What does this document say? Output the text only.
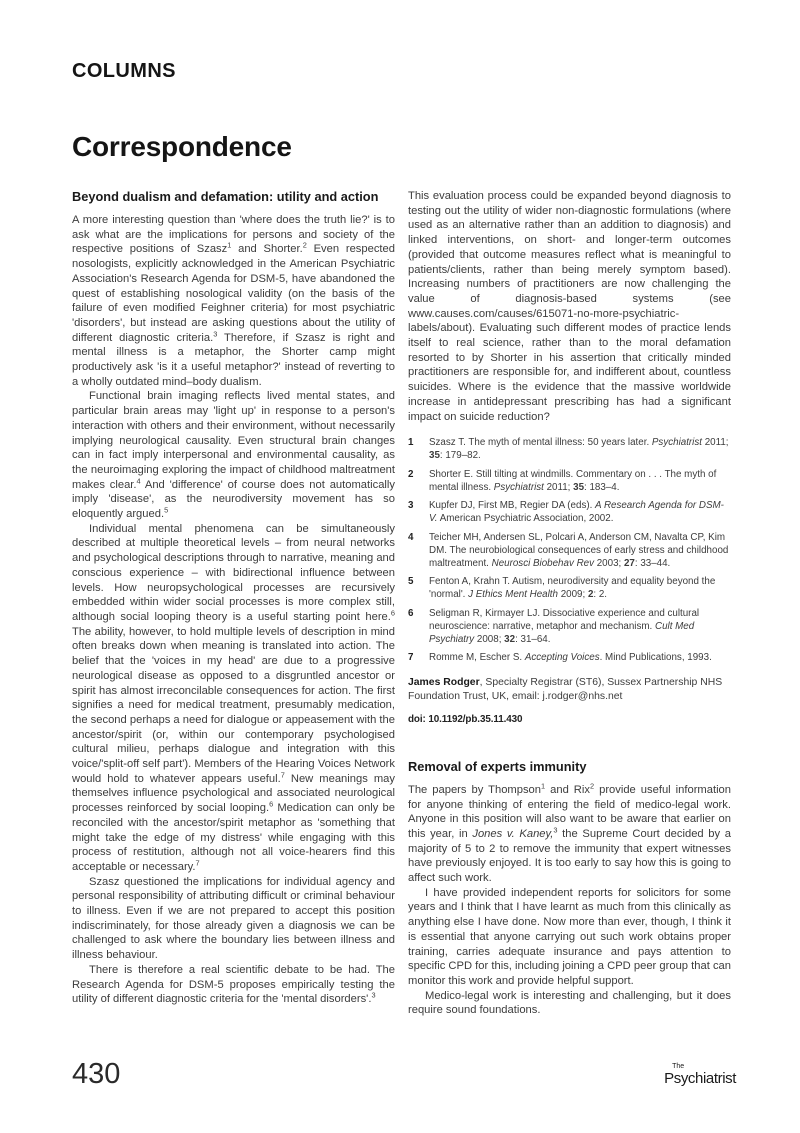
COLUMNS
Correspondence
Beyond dualism and defamation: utility and action

A more interesting question than 'where does the truth lie?' is to ask what are the implications for persons and society of the respective positions of Szasz$^1$ and Shorter.$^2$ Even respected nosologists, explicitly acknowledged in the American Psychiatric Association's Research Agenda for DSM-5, have abandoned the quest of establishing nosological validity (on the basis of the failure of even modified Feighner criteria) for most psychiatric 'disorders', but instead are asking questions about the utility of different diagnostic criteria.$^3$ Therefore, if Szasz is right and mental illness is a metaphor, the Shorter camp might productively ask 'is it a useful metaphor?' instead of reverting to a wholly outdated mind–body dualism.

Functional brain imaging reflects lived mental states, and particular brain areas may 'light up' in response to a person's interaction with others and their environment, without necessarily implying neurological causality. Even structural brain changes can in fact imply interpersonal and environmental causality, as the neuroimaging exploring the impact of childhood maltreatment makes clear.$^4$ And 'difference' of course does not automatically imply 'disease', as the neurodiversity movement has so eloquently argued.$^5$

Individual mental phenomena can be simultaneously described at multiple theoretical levels – from neural networks and psychological descriptions through to narrative, meaning and conscious experience – with bidirectional influence between levels. How neuropsychological processes are recursively embedded within wider social processes is more complex still, although social looping theory is a useful starting point here.$^6$ The ability, however, to hold multiple levels of description in mind often breaks down when meaning is translated into action. The belief that the 'voices in my head' are due to a progressive neurological disease as opposed to a disgruntled ancestor or spirit has almost irreconcilable consequences for action. The first signifies a need for medical treatment, presumably medication, the second perhaps a need for dialogue or appeasement with the ancestor/spirit (or, within our contemporary psychologised cultural milieu, perhaps dialogue and integration with this voice/'split-off self part'). Members of the Hearing Voices Network would hold to whatever appears useful.$^7$ New meanings may themselves influence psychological and associated neurological processes reinforced by social looping.$^6$ Medication can only be reconciled with the ancestor/spirit metaphor as 'something that might take the edge of my distress' while engaging with this process of restitution, although not all voice-hearers find this acceptable or necessary.$^7$

Szasz questioned the implications for individual agency and personal responsibility of attributing difficult or criminal behaviour to illness. Even if we are not prepared to accept this position indiscriminately, for those already given a diagnosis we can be challenged to ask where the boundary lies between illness and illness behaviour.

There is therefore a real scientific debate to be had. The Research Agenda for DSM-5 proposes empirically testing the utility of different diagnostic criteria for the 'mental disorders'.$^3$

This evaluation process could be expanded beyond diagnosis to testing out the utility of wider non-diagnostic formulations (where used as an alternative rather than an addition to diagnosis) and linked interventions, on short- and longer-term outcomes (provided that outcome measures reflect what is meaningful to patients/clients, rather than being merely symptom based). Increasing numbers of practitioners are now challenging the value of diagnosis-based systems (see www.causes.com/causes/615071-no-more-psychiatric-labels/about). Evaluating such different modes of practice lends itself to real science, rather than to the moral defamation resorted to by Shorter in his assertion that critically minded practitioners are responsible for, and indifferent about, countless suicides. Where is the evidence that the massive worldwide increase in antidepressant prescribing has had a significant impact on suicide reduction?

1	Szasz T. The myth of mental illness: 50 years later. Psychiatrist 2011; 35: 179–82.
2	Shorter E. Still tilting at windmills. Commentary on . . . The myth of mental illness. Psychiatrist 2011; 35: 183–4.
3	Kupfer DJ, First MB, Regier DA (eds). A Research Agenda for DSM-V. American Psychiatric Association, 2002.
4	Teicher MH, Andersen SL, Polcari A, Anderson CM, Navalta CP, Kim DM. The neurobiological consequences of early stress and childhood maltreatment. Neurosci Biobehav Rev 2003; 27: 33–44.
5	Fenton A, Krahn T. Autism, neurodiversity and equality beyond the 'normal'. J Ethics Ment Health 2009; 2: 2.
6	Seligman R, Kirmayer LJ. Dissociative experience and cultural neuroscience: narrative, metaphor and mechanism. Cult Med Psychiatry 2008; 32: 31–64.
7	Romme M, Escher S. Accepting Voices. Mind Publications, 1993.

James Rodger, Specialty Registrar (ST6), Sussex Partnership NHS Foundation Trust, UK, email: j.rodger@nhs.net

doi: 10.1192/pb.35.11.430

Removal of experts immunity

The papers by Thompson$^1$ and Rix$^2$ provide useful information for anyone thinking of entering the field of medico-legal work. Anyone in this position will also want to be aware that earlier on this year, in Jones v. Kaney,$^3$ the Supreme Court decided by a majority of 5 to 2 to remove the immunity that expert witnesses have previously enjoyed. It is too early to say how this is going to affect such work.

I have provided independent reports for solicitors for some years and I think that I have learnt as much from this clinically as anything else I have done. Now more than ever, though, I think it is essential that anyone carrying out such work obtains proper training, carries adequate insurance and pays attention to specific CPD for this, including joining a CPD peer group that can monitor this work and provide helpful support.

Medico-legal work is interesting and challenging, but it does require sound foundations.

430	The
Psychiatrist
